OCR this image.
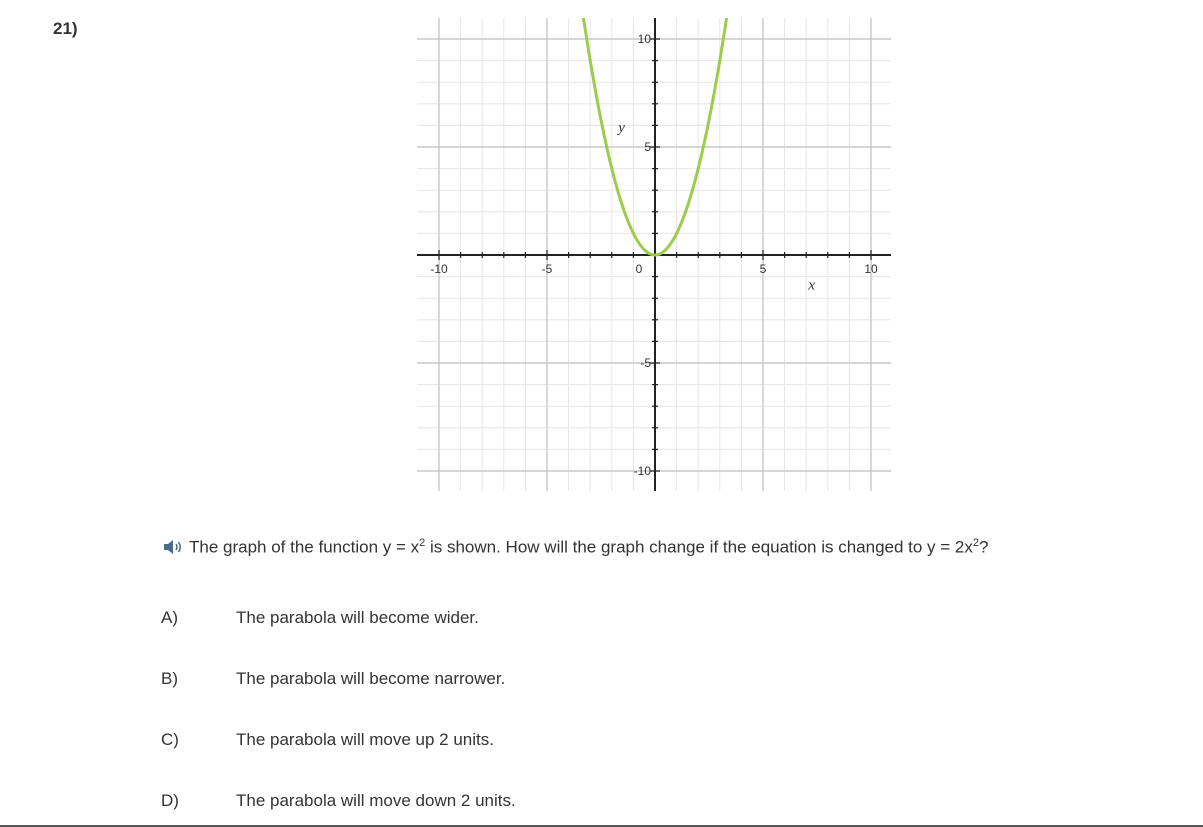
21)
-10	-5	0	5	10
-10
-5
5
10
x
y
The graph of the function $y = x^2$ is shown. How will the graph change if the equation is changed to $y = 2x^2$?
A)	The parabola will become wider.
B)	The parabola will become narrower.
C)	The parabola will move up 2 units.
D)	The parabola will move down 2 units.
